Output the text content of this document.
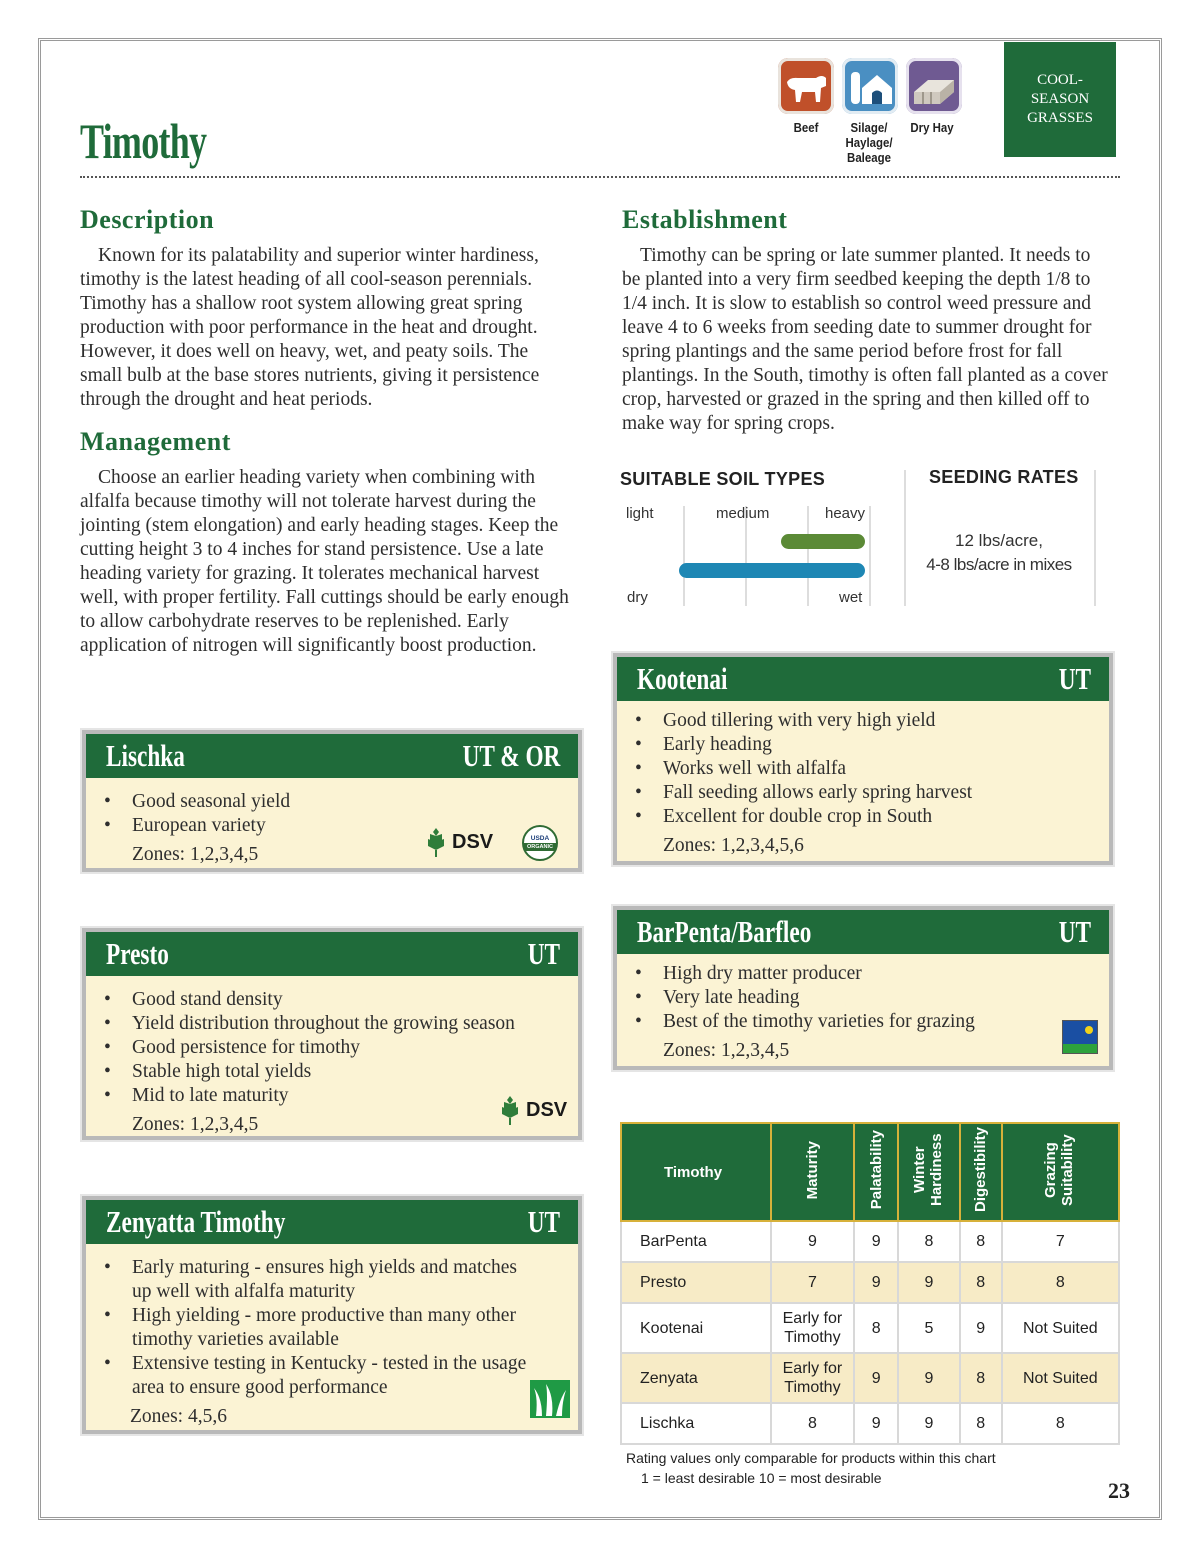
Timothy	Beef	Silage/
Haylage/
Baleage
Dry Hay
COOL-
SEASON
GRASSES
Description

Known for its palatability and superior winter hardiness, timothy is the latest heading of all cool-season perennials. Timothy has a shallow root system allowing great spring production with poor performance in the heat and drought. However, it does well on heavy, wet, and peaty soils. The small bulb at the base stores nutrients, giving it persistence through the drought and heat periods.

Management

Choose an earlier heading variety when combining with alfalfa because timothy will not tolerate harvest during the jointing (stem elongation) and early heading stages. Keep the cutting height 3 to 4 inches for stand persistence. Use a late heading variety for grazing. It tolerates mechanical harvest well, with proper fertility. Fall cuttings should be early enough to allow carbohydrate reserves to be replenished. Early application of nitrogen will significantly boost production.

Establishment

Timothy can be spring or late summer planted. It needs to be planted into a very firm seedbed keeping the depth 1/8 to 1/4 inch. It is slow to establish so control weed pressure and leave 4 to 6 weeks from seeding date to summer drought for spring plantings and the same period before frost for fall plantings. In the South, timothy is often fall planted as a cover crop, harvested or grazed in the spring and then killed off to make way for spring crops.

SUITABLE SOIL TYPES
light	medium	heavy
dry	wet
SEEDING RATES
12 lbs/acre,
4-8 lbs/acre in mixes
Lischka	UT & OR
• Good seasonal yield
• European variety
Zones: 1,2,3,4,5
DSV	USDA
ORGANIC
Presto	UT
• Good stand density
• Yield distribution throughout the growing season
• Good persistence for timothy
• Stable high total yields
• Mid to late maturity
Zones: 1,2,3,4,5
DSV
Zenyatta Timothy	UT
• Early maturing - ensures high yields and matches up well with alfalfa maturity
• High yielding - more productive than many other timothy varieties available
• Extensive testing in Kentucky - tested in the usage area to ensure good performance
Zones: 4,5,6
Kootenai	UT
• Good tillering with very high yield
• Early heading
• Works well with alfalfa
• Fall seeding allows early spring harvest
• Excellent for double crop in South
Zones: 1,2,3,4,5,6
BarPenta/Barfleo	UT
• High dry matter producer
• Very late heading
• Best of the timothy varieties for grazing
Zones: 1,2,3,4,5
Timothy	Maturity	Palatability	Winter Hardiness	Digestibility	Grazing Suitability
BarPenta	9	9	8	8	7
Presto	7	9	9	8	8
Kootenai	Early for Timothy	8	5	9	Not Suited
Zenyata	Early for Timothy	9	9	8	Not Suited
Lischka	8	9	9	8	8
Rating values only comparable for products within this chart
1 = least desirable 10 = most desirable	23
